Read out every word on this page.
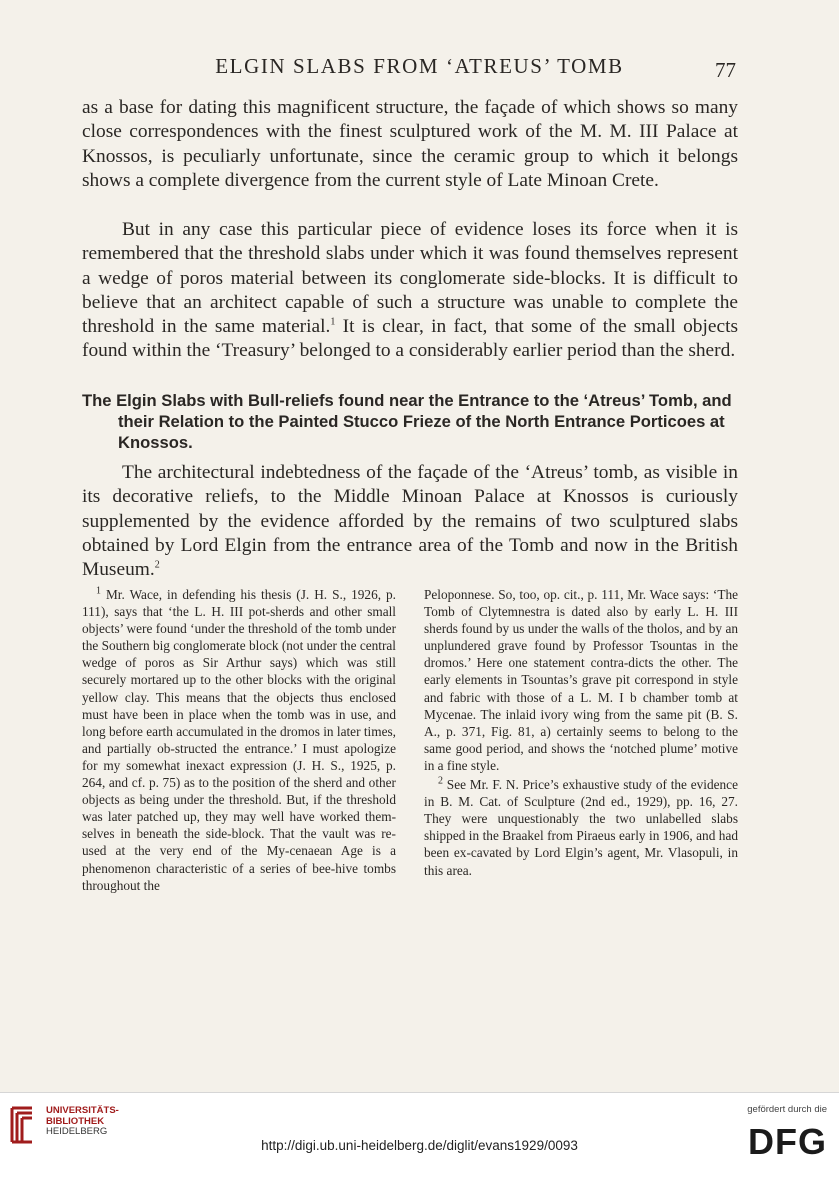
ELGIN SLABS FROM ‘ATREUS’ TOMB	77

as a base for dating this magnificent structure, the façade of which shows so many close correspondences with the finest sculptured work of the M. M. III Palace at Knossos, is peculiarly unfortunate, since the ceramic group to which it belongs shows a complete divergence from the current style of Late Minoan Crete.

But in any case this particular piece of evidence loses its force when it is remembered that the threshold slabs under which it was found themselves represent a wedge of poros material between its conglomerate side-blocks. It is difficult to believe that an architect capable of such a structure was unable to complete the threshold in the same material.$^1$ It is clear, in fact, that some of the small objects found within the ‘Treasury’ belonged to a considerably earlier period than the sherd.

The Elgin Slabs with Bull-reliefs found near the Entrance to the ‘Atreus’ Tomb, and their Relation to the Painted Stucco Frieze of the North Entrance Porticoes at Knossos.

The architectural indebtedness of the façade of the ‘Atreus’ tomb, as visible in its decorative reliefs, to the Middle Minoan Palace at Knossos is curiously supplemented by the evidence afforded by the remains of two sculptured slabs obtained by Lord Elgin from the entrance area of the Tomb and now in the British Museum.$^2$

$^1$ Mr. Wace, in defending his thesis (J. H. S., 1926, p. 111), says that ‘the L. H. III pot-sherds and other small objects’ were found ‘under the threshold of the tomb under the Southern big conglomerate block (not under the central wedge of poros as Sir Arthur says) which was still securely mortared up to the other blocks with the original yellow clay. This means that the objects thus enclosed must have been in place when the tomb was in use, and long before earth accumulated in the dromos in later times, and partially ob-structed the entrance.’ I must apologize for my somewhat inexact expression (J. H. S., 1925, p. 264, and cf. p. 75) as to the position of the sherd and other objects as being under the threshold. But, if the threshold was later patched up, they may well have worked them-selves in beneath the side-block. That the vault was re-used at the very end of the My-cenaean Age is a phenomenon characteristic of a series of bee-hive tombs throughout the

Peloponnese. So, too, op. cit., p. 111, Mr. Wace says: ‘The Tomb of Clytemnestra is dated also by early L. H. III sherds found by us under the walls of the tholos, and by an unplundered grave found by Professor Tsountas in the dromos.’ Here one statement contra-dicts the other. The early elements in Tsountas’s grave pit correspond in style and fabric with those of a L. M. I b chamber tomb at Mycenae. The inlaid ivory wing from the same pit (B. S. A., p. 371, Fig. 81, a) certainly seems to belong to the same good period, and shows the ‘notched plume’ motive in a fine style.

$^2$ See Mr. F. N. Price’s exhaustive study of the evidence in B. M. Cat. of Sculpture (2nd ed., 1929), pp. 16, 27. They were unquestionably the two unlabelled slabs shipped in the Braakel from Piraeus early in 1906, and had been ex-cavated by Lord Elgin’s agent, Mr. Vlasopuli, in this area.

UNIVERSITÄTS-
BIBLIOTHEK
HEIDELBERG
http://digi.ub.uni-heidelberg.de/diglit/evans1929/0093
gefördert durch die
DFG
